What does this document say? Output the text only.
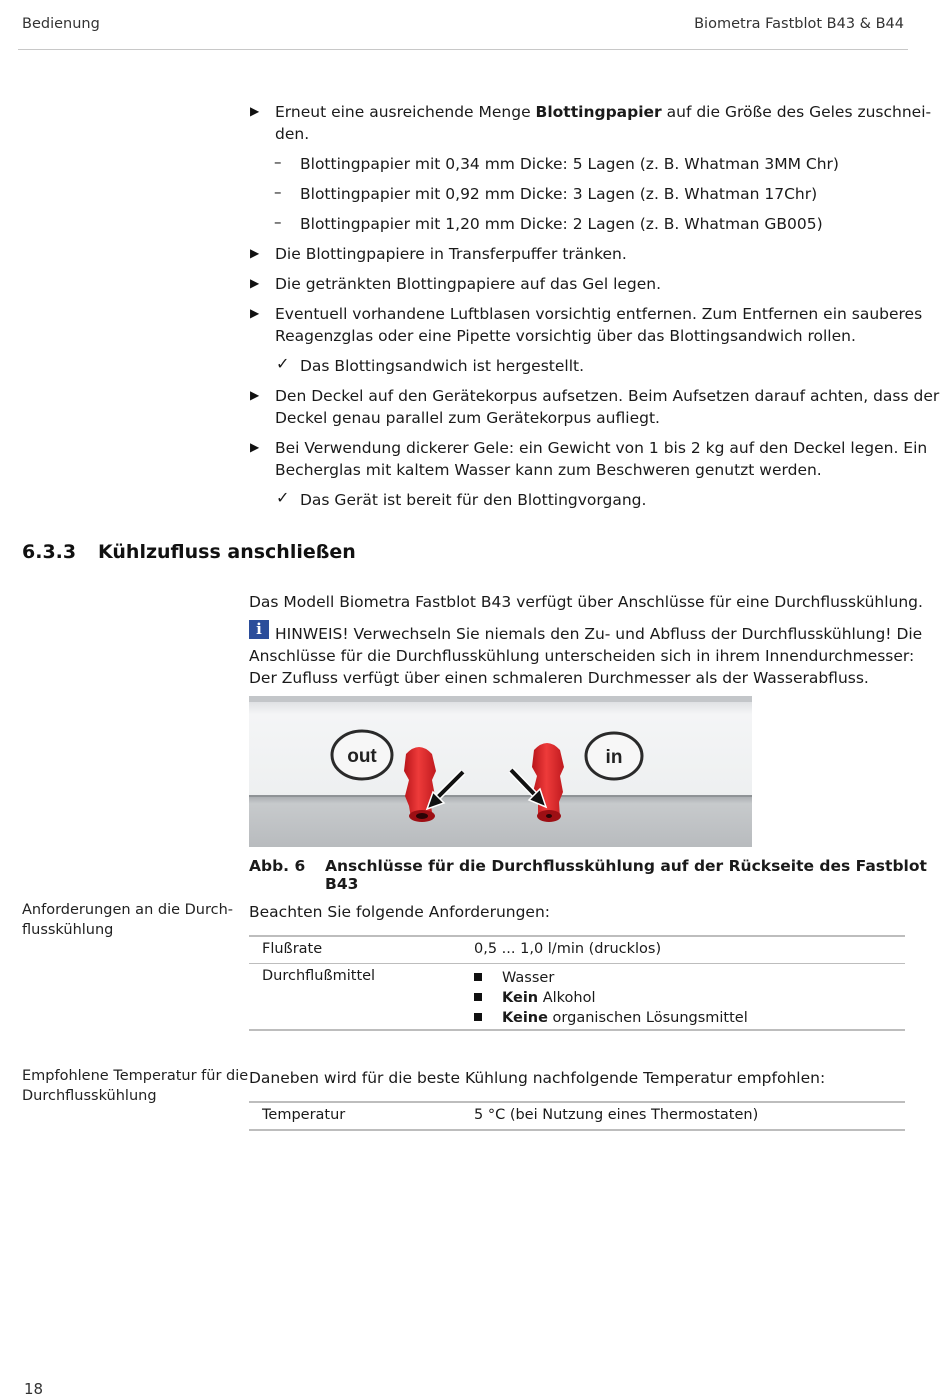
Bedienung	Biometra Fastblot B43 & B44
▶ Erneut eine ausreichende Menge Blottingpapier auf die Größe des Geles zuschnei-
den.
– Blottingpapier mit 0,34 mm Dicke: 5 Lagen (z. B. Whatman 3MM Chr)
– Blottingpapier mit 0,92 mm Dicke: 3 Lagen (z. B. Whatman 17Chr)
– Blottingpapier mit 1,20 mm Dicke: 2 Lagen (z. B. Whatman GB005)
▶ Die Blottingpapiere in Transferpuffer tränken.
▶ Die getränkten Blottingpapiere auf das Gel legen.
▶ Eventuell vorhandene Luftblasen vorsichtig entfernen. Zum Entfernen ein sauberes
Reagenzglas oder eine Pipette vorsichtig über das Blottingsandwich rollen.
✓ Das Blottingsandwich ist hergestellt.
▶ Den Deckel auf den Gerätekorpus aufsetzen. Beim Aufsetzen darauf achten, dass der
Deckel genau parallel zum Gerätekorpus aufliegt.
▶ Bei Verwendung dickerer Gele: ein Gewicht von 1 bis 2 kg auf den Deckel legen. Ein
Becherglas mit kaltem Wasser kann zum Beschweren genutzt werden.
✓ Das Gerät ist bereit für den Blottingvorgang.
6.3.3 Kühlzufluss anschließen
Das Modell Biometra Fastblot B43 verfügt über Anschlüsse für eine Durchflusskühlung.
i HINWEIS! Verwechseln Sie niemals den Zu- und Abfluss der Durchflusskühlung! Die
Anschlüsse für die Durchflusskühlung unterscheiden sich in ihrem Innendurchmesser:
Der Zufluss verfügt über einen schmaleren Durchmesser als der Wasserabfluss.
out	in
Abb. 6 Anschlüsse für die Durchflusskühlung auf der Rückseite des Fastblot B43
Anforderungen an die Durch-
flusskühlung
Beachten Sie folgende Anforderungen:
Flußrate	0,5 ... 1,0 l/min (drucklos)
Durchflußmittel	Wasser
Kein Alkohol
Keine organischen Lösungsmittel
Empfohlene Temperatur für die
Durchflusskühlung
Daneben wird für die beste Kühlung nachfolgende Temperatur empfohlen:
Temperatur	5 °C (bei Nutzung eines Thermostaten)
18
